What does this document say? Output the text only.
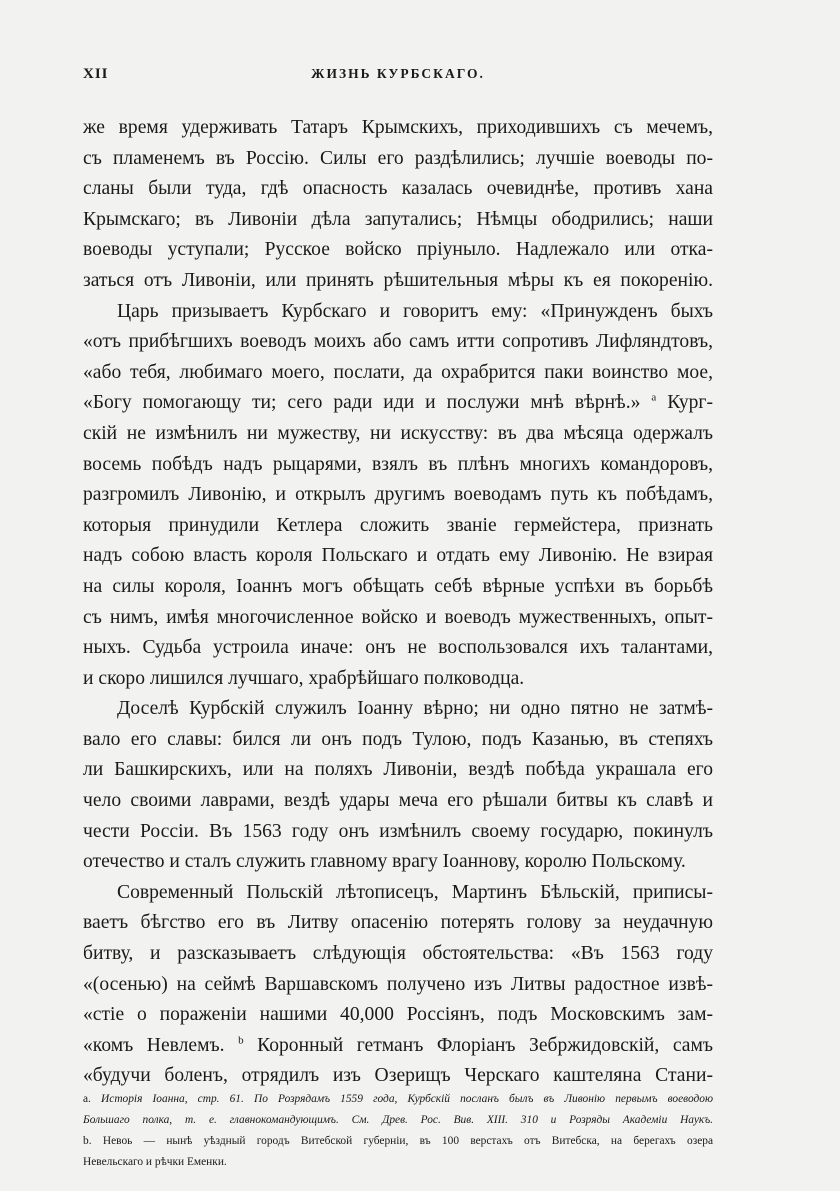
XII	ЖИЗНЬ КУРБСКАГО.
же время удерживать Татаръ Крымскихъ, приходившихъ съ мечемъ,
съ пламенемъ въ Россію. Силы его раздѣлились; лучшіе воеводы по-
сланы были туда, гдѣ опасность казалась очевиднѣе, противъ хана
Крымскаго; въ Ливоніи дѣла запутались; Нѣмцы ободрились; наши
воеводы уступали; Русское войско пріуныло. Надлежало или отка-
заться отъ Ливоніи, или принять рѣшительныя мѣры къ ея покоренію.
Царь призываетъ Курбскаго и говоритъ ему: «Принужденъ быхъ
«отъ прибѣгшихъ воеводъ моихъ або самъ итти сопротивъ Лифляндтовъ,
«або тебя, любимаго моего, послати, да охрабрится паки воинство мое,
«Богу помогающу ти; сего ради иди и послужи мнѣ вѣрнѣ.» $^a$ Кург-
скій не измѣнилъ ни мужеству, ни искусству: въ два мѣсяца одержалъ
восемь побѣдъ надъ рыцарями, взялъ въ плѣнъ многихъ командоровъ,
разгромилъ Ливонію, и открылъ другимъ воеводамъ путь къ побѣдамъ,
которыя принудили Кетлера сложить званіе гермейстера, признать
надъ собою власть короля Польскаго и отдать ему Ливонію. Не взирая
на силы короля, Іоаннъ могъ обѣщать себѣ вѣрные успѣхи въ борьбѣ
съ нимъ, имѣя многочисленное войско и воеводъ мужественныхъ, опыт-
ныхъ. Судьба устроила иначе: онъ не воспользовался ихъ талантами,
и скоро лишился лучшаго, храбрѣйшаго полководца.
Доселѣ Курбскій служилъ Іоанну вѣрно; ни одно пятно не затмѣ-
вало его славы: бился ли онъ подъ Тулою, подъ Казанью, въ степяхъ
ли Башкирскихъ, или на поляхъ Ливоніи, вездѣ побѣда украшала его
чело своими лаврами, вездѣ удары меча его рѣшали битвы къ славѣ и
чести Россіи. Въ 1563 году онъ измѣнилъ своему государю, покинулъ
отечество и сталъ служить главному врагу Іоаннову, королю Польскому.
Современный Польскій лѣтописецъ, Мартинъ Бѣльскій, приписы-
ваетъ бѣгство его въ Литву опасенію потерять голову за неудачную
битву, и разсказываетъ слѣдующія обстоятельства: «Въ 1563 году
«(осенью) на сеймѣ Варшавскомъ получено изъ Литвы радостное извѣ-
«стіе о пораженіи нашими 40,000 Россіянъ, подъ Московскимъ зам-
«комъ Невлемъ. $^b$ Коронный гетманъ Флоріанъ Зебржидовскій, самъ
«будучи боленъ, отрядилъ изъ Озерищъ Черскаго каштеляна Стани-
a. Исторія Іоанна, стр. 61. По Розрядамъ 1559 года, Курбскій посланъ былъ въ Ливонію первымъ воеводою
Большаго полка, т. е. главнокомандующимъ. См. Древ. Рос. Вив. XIII. 310 и Розряды Академіи Наукъ.
b. Невоь — нынѣ уѣздный городъ Витебской губерніи, въ 100 верстахъ отъ Витебска, на берегахъ озера
Невельскаго и рѣчки Еменки.
